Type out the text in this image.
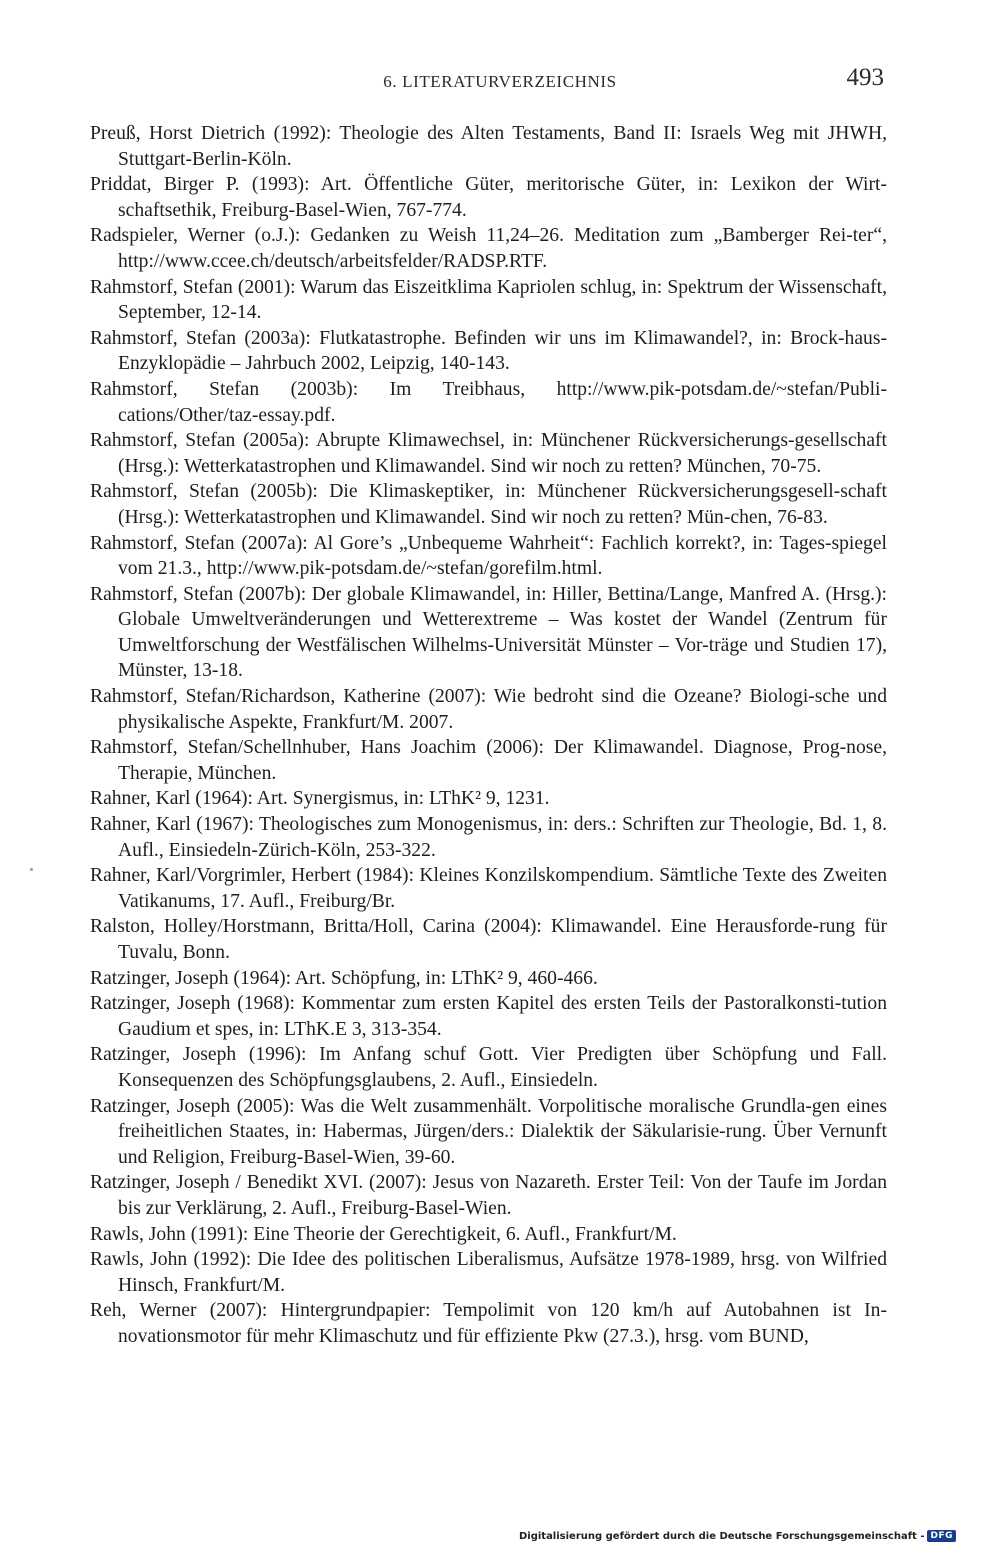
6. LITERATURVERZEICHNIS	493
Preuß, Horst Dietrich (1992): Theologie des Alten Testaments, Band II: Israels Weg mit JHWH, Stuttgart-Berlin-Köln.
Priddat, Birger P. (1993): Art. Öffentliche Güter, meritorische Güter, in: Lexikon der Wirt-schaftsethik, Freiburg-Basel-Wien, 767-774.
Radspieler, Werner (o.J.): Gedanken zu Weish 11,24–26. Meditation zum „Bamberger Rei-ter“, http://www.ccee.ch/deutsch/arbeitsfelder/RADSP.RTF.
Rahmstorf, Stefan (2001): Warum das Eiszeitklima Kapriolen schlug, in: Spektrum der Wissenschaft, September, 12-14.
Rahmstorf, Stefan (2003a): Flutkatastrophe. Befinden wir uns im Klimawandel?, in: Brock-haus-Enzyklopädie – Jahrbuch 2002, Leipzig, 140-143.
Rahmstorf, Stefan (2003b): Im Treibhaus, http://www.pik-potsdam.de/~stefan/Publi-cations/Other/taz-essay.pdf.
Rahmstorf, Stefan (2005a): Abrupte Klimawechsel, in: Münchener Rückversicherungs-gesellschaft (Hrsg.): Wetterkatastrophen und Klimawandel. Sind wir noch zu retten? München, 70-75.
Rahmstorf, Stefan (2005b): Die Klimaskeptiker, in: Münchener Rückversicherungsgesell-schaft (Hrsg.): Wetterkatastrophen und Klimawandel. Sind wir noch zu retten? Mün-chen, 76-83.
Rahmstorf, Stefan (2007a): Al Gore’s „Unbequeme Wahrheit“: Fachlich korrekt?, in: Tages-spiegel vom 21.3., http://www.pik-potsdam.de/~stefan/gorefilm.html.
Rahmstorf, Stefan (2007b): Der globale Klimawandel, in: Hiller, Bettina/Lange, Manfred A. (Hrsg.): Globale Umweltveränderungen und Wetterextreme – Was kostet der Wandel (Zentrum für Umweltforschung der Westfälischen Wilhelms-Universität Münster – Vor-träge und Studien 17), Münster, 13-18.
Rahmstorf, Stefan/Richardson, Katherine (2007): Wie bedroht sind die Ozeane? Biologi-sche und physikalische Aspekte, Frankfurt/M. 2007.
Rahmstorf, Stefan/Schellnhuber, Hans Joachim (2006): Der Klimawandel. Diagnose, Prog-nose, Therapie, München.
Rahner, Karl (1964): Art. Synergismus, in: LThK² 9, 1231.
Rahner, Karl (1967): Theologisches zum Monogenismus, in: ders.: Schriften zur Theologie, Bd. 1, 8. Aufl., Einsiedeln-Zürich-Köln, 253-322.
Rahner, Karl/Vorgrimler, Herbert (1984): Kleines Konzilskompendium. Sämtliche Texte des Zweiten Vatikanums, 17. Aufl., Freiburg/Br.
Ralston, Holley/Horstmann, Britta/Holl, Carina (2004): Klimawandel. Eine Herausforde-rung für Tuvalu, Bonn.
Ratzinger, Joseph (1964): Art. Schöpfung, in: LThK² 9, 460-466.
Ratzinger, Joseph (1968): Kommentar zum ersten Kapitel des ersten Teils der Pastoralkonsti-tution Gaudium et spes, in: LThK.E 3, 313-354.
Ratzinger, Joseph (1996): Im Anfang schuf Gott. Vier Predigten über Schöpfung und Fall. Konsequenzen des Schöpfungsglaubens, 2. Aufl., Einsiedeln.
Ratzinger, Joseph (2005): Was die Welt zusammenhält. Vorpolitische moralische Grundla-gen eines freiheitlichen Staates, in: Habermas, Jürgen/ders.: Dialektik der Säkularisie-rung. Über Vernunft und Religion, Freiburg-Basel-Wien, 39-60.
Ratzinger, Joseph / Benedikt XVI. (2007): Jesus von Nazareth. Erster Teil: Von der Taufe im Jordan bis zur Verklärung, 2. Aufl., Freiburg-Basel-Wien.
Rawls, John (1991): Eine Theorie der Gerechtigkeit, 6. Aufl., Frankfurt/M.
Rawls, John (1992): Die Idee des politischen Liberalismus, Aufsätze 1978-1989, hrsg. von Wilfried Hinsch, Frankfurt/M.
Reh, Werner (2007): Hintergrundpapier: Tempolimit von 120 km/h auf Autobahnen ist In-novationsmotor für mehr Klimaschutz und für effiziente Pkw (27.3.), hrsg. vom BUND,
Digitalisierung gefördert durch die Deutsche Forschungsgemeinschaft - DFG
